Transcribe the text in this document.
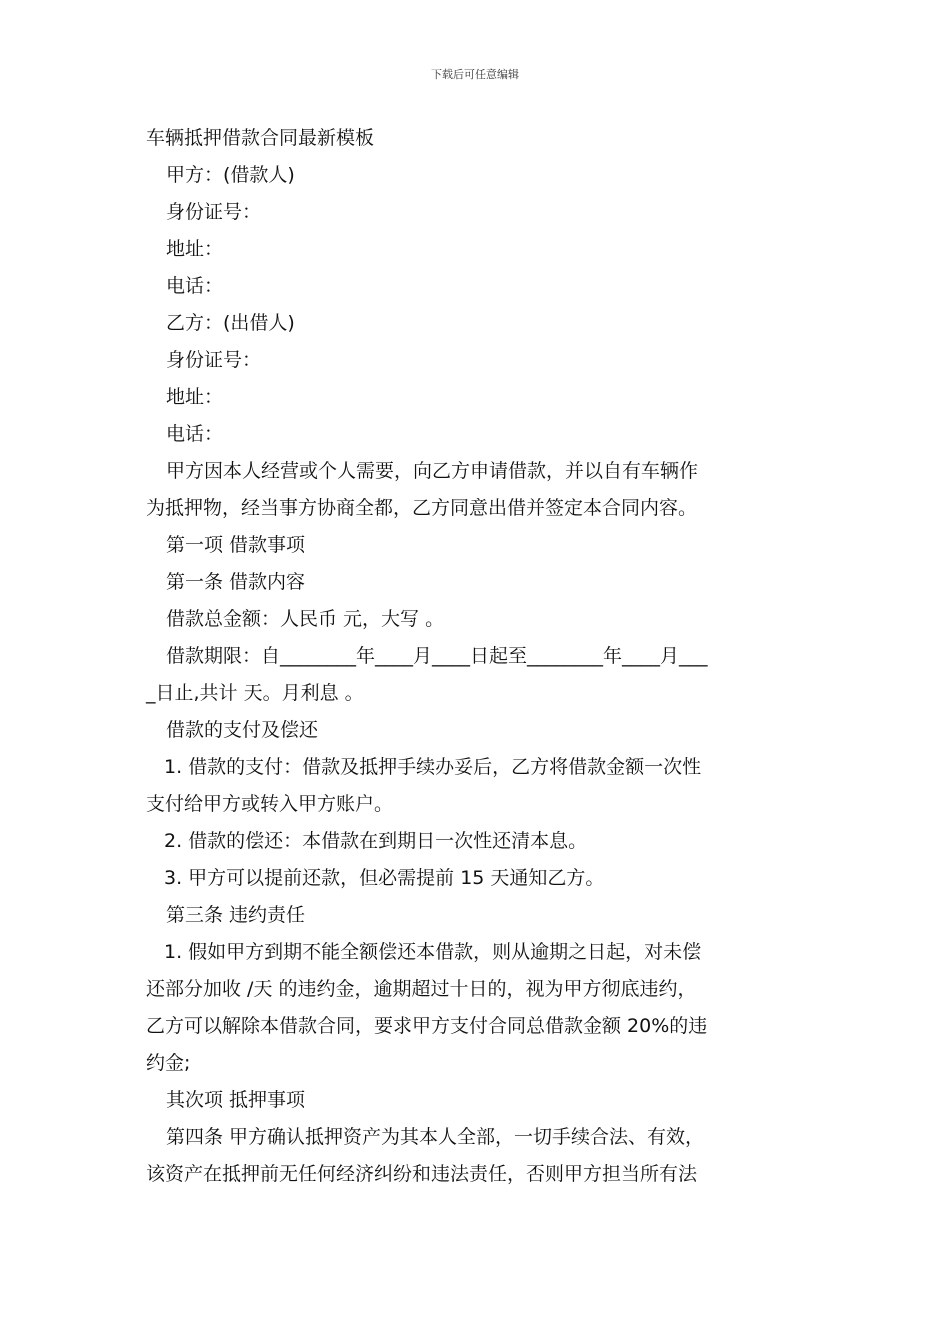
下载后可任意编辑
车辆抵押借款合同最新模板
甲方：(借款人)
身份证号：
地址：
电话：
乙方：(出借人)
身份证号：
地址：
电话：
甲方因本人经营或个人需要，向乙方申请借款，并以自有车辆作
为抵押物，经当事方协商全都，乙方同意出借并签定本合同内容。
第一项 借款事项
第一条 借款内容
借款总金额：人民币 元，大写 。
借款期限：自________年____月____日起至________年____月___
_日止,共计 天。月利息 。
借款的支付及偿还
1. 借款的支付：借款及抵押手续办妥后，乙方将借款金额一次性
支付给甲方或转入甲方账户。
2. 借款的偿还：本借款在到期日一次性还清本息。
3. 甲方可以提前还款，但必需提前 15 天通知乙方。
第三条 违约责任
1. 假如甲方到期不能全额偿还本借款，则从逾期之日起，对未偿
还部分加收 /天 的违约金，逾期超过十日的，视为甲方彻底违约，
乙方可以解除本借款合同，要求甲方支付合同总借款金额 20%的违
约金;
其次项 抵押事项
第四条 甲方确认抵押资产为其本人全部，一切手续合法、有效，
该资产在抵押前无任何经济纠纷和违法责任，否则甲方担当所有法
